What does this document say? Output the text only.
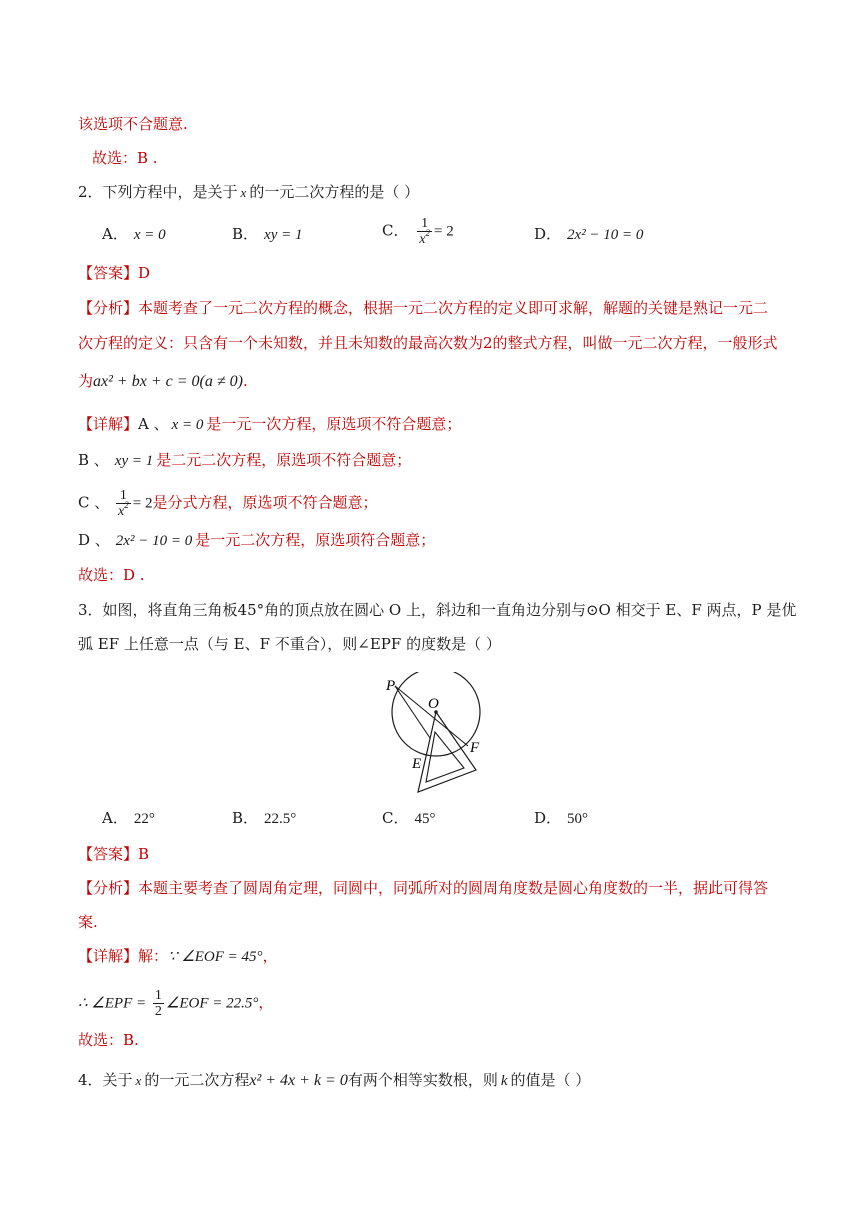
该选项不合题意.
故选：B .
2．下列方程中，是关于 x 的一元二次方程的是（ ）
A． x = 0	B． xy = 1	C． $\frac{1}{x^2} = 2$	D． 2x² − 10 = 0
【答案】D
【分析】本题考查了一元二次方程的概念，根据一元二次方程的定义即可求解，解题的关键是熟记一元二
次方程的定义：只含有一个未知数，并且未知数的最高次数为2的整式方程，叫做一元二次方程，一般形式
为ax² + bx + c = 0(a ≠ 0).
【详解】A 、 x = 0 是一元一次方程，原选项不符合题意；
B 、 xy = 1 是二元二次方程，原选项不符合题意；
C 、 $\frac{1}{x^2} = 2$是分式方程，原选项不符合题意；
D 、 2x² − 10 = 0 是一元二次方程，原选项符合题意；
故选：D .
3．如图，将直角三角板45°角的顶点放在圆心 O 上，斜边和一直角边分别与⊙O 相交于 E、F 两点，P 是优
弧 EF 上任意一点（与 E、F 不重合），则∠EPF 的度数是（ ）
P
O
E
F
A． 22°	B． 22.5°	C． 45°	D． 50°
【答案】B
【分析】本题主要考查了圆周角定理，同圆中，同弧所对的圆周角度数是圆心角度数的一半，据此可得答
案.
【详解】解：∵ ∠EOF = 45°，
∴ ∠EPF = $\frac{1}{2}$ ∠EOF = 22.5°，
故选：B.
4．关于 x 的一元二次方程x² + 4x + k = 0有两个相等实数根，则 k 的值是（ ）
